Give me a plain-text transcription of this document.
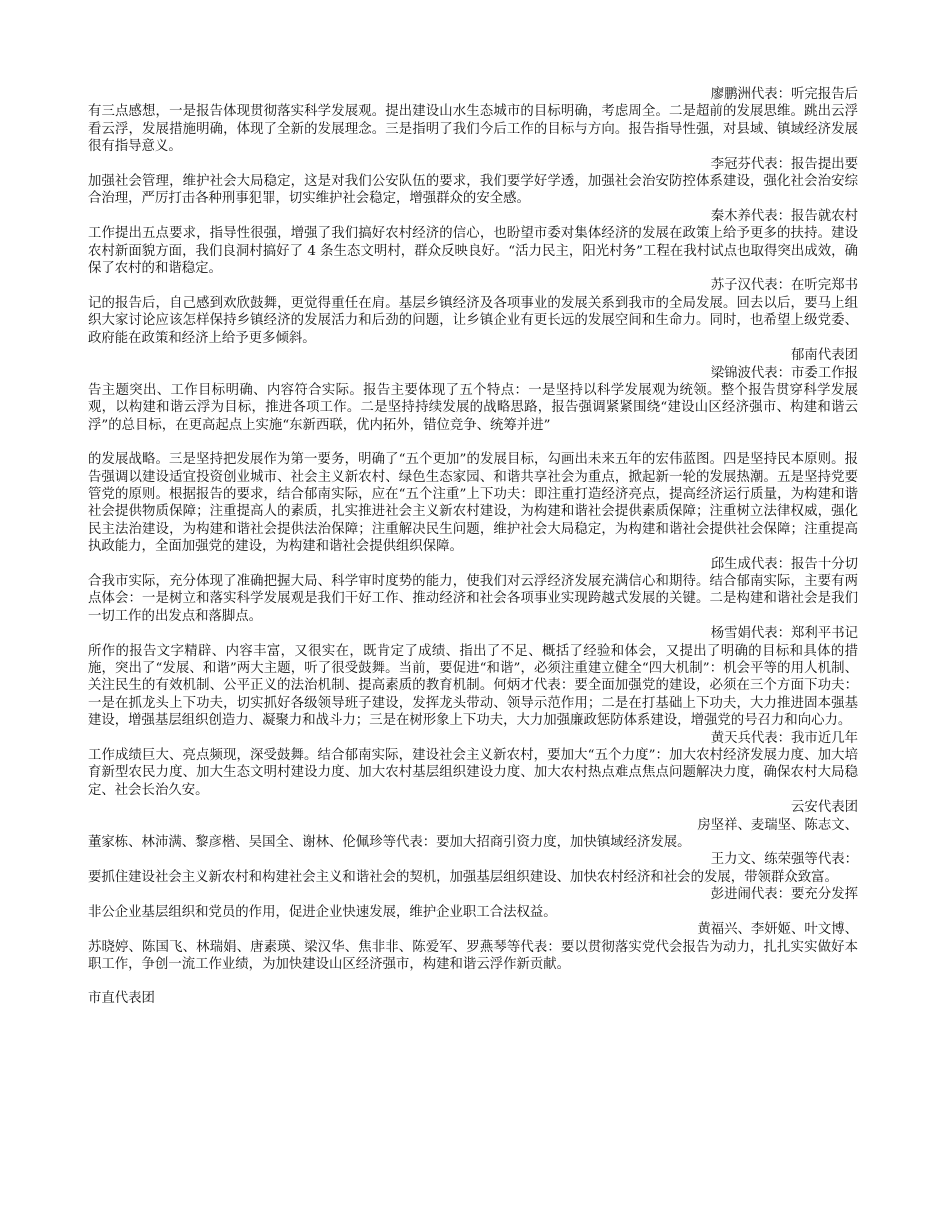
廖鹏洲代表：听完报告后
有三点感想，一是报告体现贯彻落实科学发展观。提出建设山水生态城市的目标明确，考虑周全。二是超前的发展思维。跳出云浮看云浮，发展措施明确，体现了全新的发展理念。三是指明了我们今后工作的目标与方向。报告指导性强，对县域、镇域经济发展很有指导意义。

李冠芬代表：报告提出要
加强社会管理，维护社会大局稳定，这是对我们公安队伍的要求，我们要学好学透，加强社会治安防控体系建设，强化社会治安综合治理，严厉打击各种刑事犯罪，切实维护社会稳定，增强群众的安全感。

秦木养代表：报告就农村
工作提出五点要求，指导性很强，增强了我们搞好农村经济的信心，也盼望市委对集体经济的发展在政策上给予更多的扶持。建设农村新面貌方面，我们良洞村搞好了 4 条生态文明村，群众反映良好。“活力民主，阳光村务”工程在我村试点也取得突出成效，确保了农村的和谐稳定。

苏子汉代表：在听完郑书
记的报告后，自己感到欢欣鼓舞，更觉得重任在肩。基层乡镇经济及各项事业的发展关系到我市的全局发展。回去以后，要马上组织大家讨论应该怎样保持乡镇经济的发展活力和后劲的问题，让乡镇企业有更长远的发展空间和生命力。同时，也希望上级党委、政府能在政策和经济上给予更多倾斜。

郁南代表团

梁锦波代表：市委工作报
告主题突出、工作目标明确、内容符合实际。报告主要体现了五个特点：一是坚持以科学发展观为统领。整个报告贯穿科学发展观，以构建和谐云浮为目标，推进各项工作。二是坚持持续发展的战略思路，报告强调紧紧围绕“建设山区经济强市、构建和谐云浮”的总目标，在更高起点上实施“东新西联，优内拓外，错位竞争、统筹并进”

的发展战略。三是坚持把发展作为第一要务，明确了“五个更加”的发展目标，勾画出未来五年的宏伟蓝图。四是坚持民本原则。报告强调以建设适宜投资创业城市、社会主义新农村、绿色生态家园、和谐共享社会为重点，掀起新一轮的发展热潮。五是坚持党要管党的原则。根据报告的要求，结合郁南实际，应在“五个注重”上下功夫：即注重打造经济亮点，提高经济运行质量，为构建和谐社会提供物质保障；注重提高人的素质，扎实推进社会主义新农村建设，为构建和谐社会提供素质保障；注重树立法律权威，强化民主法治建设，为构建和谐社会提供法治保障；注重解决民生问题，维护社会大局稳定，为构建和谐社会提供社会保障；注重提高执政能力，全面加强党的建设，为构建和谐社会提供组织保障。

邱生成代表：报告十分切
合我市实际，充分体现了准确把握大局、科学审时度势的能力，使我们对云浮经济发展充满信心和期待。结合郁南实际，主要有两点体会：一是树立和落实科学发展观是我们干好工作、推动经济和社会各项事业实现跨越式发展的关键。二是构建和谐社会是我们一切工作的出发点和落脚点。

杨雪娟代表：郑利平书记
所作的报告文字精辟、内容丰富，又很实在，既肯定了成绩、指出了不足、概括了经验和体会，又提出了明确的目标和具体的措施，突出了“发展、和谐”两大主题，听了很受鼓舞。当前，要促进“和谐”，必须注重建立健全“四大机制”：机会平等的用人机制、关注民生的有效机制、公平正义的法治机制、提高素质的教育机制。何炳才代表：要全面加强党的建设，必须在三个方面下功夫：一是在抓龙头上下功夫，切实抓好各级领导班子建设，发挥龙头带动、领导示范作用；二是在打基础上下功夫，大力推进固本强基建设，增强基层组织创造力、凝聚力和战斗力；三是在树形象上下功夫，大力加强廉政惩防体系建设，增强党的号召力和向心力。

黄天兵代表：我市近几年
工作成绩巨大、亮点频现，深受鼓舞。结合郁南实际，建设社会主义新农村，要加大“五个力度”：加大农村经济发展力度、加大培育新型农民力度、加大生态文明村建设力度、加大农村基层组织建设力度、加大农村热点难点焦点问题解决力度，确保农村大局稳定、社会长治久安。

云安代表团

房坚祥、麦瑞坚、陈志文、
董家栋、林沛满、黎彦楷、吴国全、谢林、伦佩珍等代表：要加大招商引资力度，加快镇域经济发展。

王力文、练荣强等代表：
要抓住建设社会主义新农村和构建社会主义和谐社会的契机，加强基层组织建设、加快农村经济和社会的发展，带领群众致富。

彭进闹代表：要充分发挥
非公企业基层组织和党员的作用，促进企业快速发展，维护企业职工合法权益。

黄福兴、李妍姬、叶文博、
苏晓婷、陈国飞、林瑞娟、唐素瑛、梁汉华、焦非非、陈爱军、罗燕琴等代表：要以贯彻落实党代会报告为动力，扎扎实实做好本职工作，争创一流工作业绩，为加快建设山区经济强市，构建和谐云浮作新贡献。

市直代表团
